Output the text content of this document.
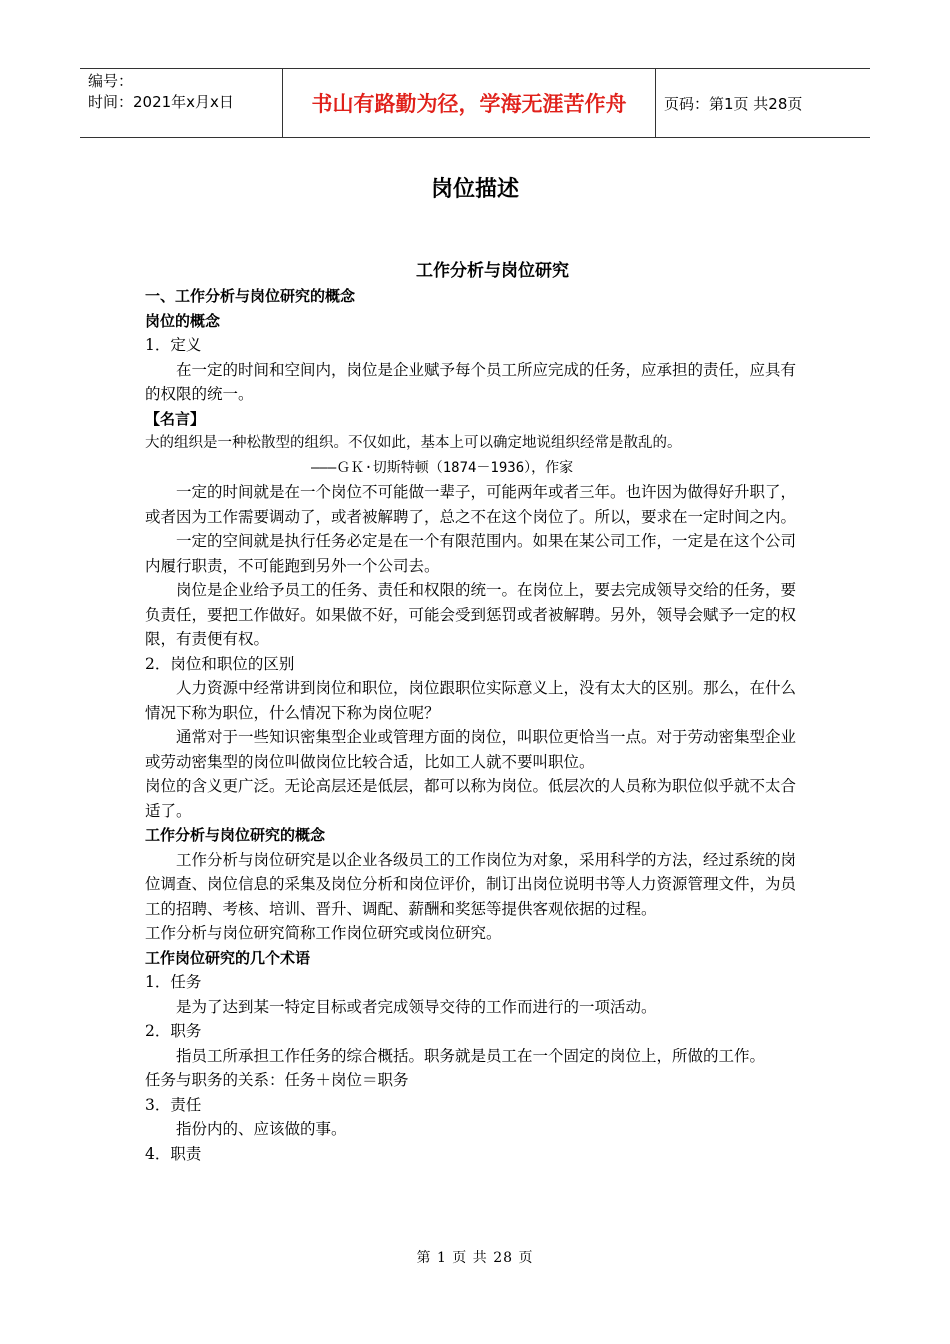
编号：
时间：2021年x月x日	书山有路勤为径，学海无涯苦作舟	页码：第1页 共28页
岗位描述

工作分析与岗位研究

一、工作分析与岗位研究的概念

岗位的概念

1．定义

在一定的时间和空间内，岗位是企业赋予每个员工所应完成的任务，应承担的责任，应具有的权限的统一。

【名言】

大的组织是一种松散型的组织。不仅如此，基本上可以确定地说组织经常是散乱的。

———ＧＫ·切斯特顿（1874－1936），作家

一定的时间就是在一个岗位不可能做一辈子，可能两年或者三年。也许因为做得好升职了，或者因为工作需要调动了，或者被解聘了，总之不在这个岗位了。所以，要求在一定时间之内。

一定的空间就是执行任务必定是在一个有限范围内。如果在某公司工作，一定是在这个公司内履行职责，不可能跑到另外一个公司去。

岗位是企业给予员工的任务、责任和权限的统一。在岗位上，要去完成领导交给的任务，要负责任，要把工作做好。如果做不好，可能会受到惩罚或者被解聘。另外，领导会赋予一定的权限，有责便有权。

2．岗位和职位的区别

人力资源中经常讲到岗位和职位，岗位跟职位实际意义上，没有太大的区别。那么，在什么情况下称为职位，什么情况下称为岗位呢？

通常对于一些知识密集型企业或管理方面的岗位，叫职位更恰当一点。对于劳动密集型企业或劳动密集型的岗位叫做岗位比较合适，比如工人就不要叫职位。

岗位的含义更广泛。无论高层还是低层，都可以称为岗位。低层次的人员称为职位似乎就不太合适了。

工作分析与岗位研究的概念

工作分析与岗位研究是以企业各级员工的工作岗位为对象，采用科学的方法，经过系统的岗位调查、岗位信息的采集及岗位分析和岗位评价，制订出岗位说明书等人力资源管理文件，为员工的招聘、考核、培训、晋升、调配、薪酬和奖惩等提供客观依据的过程。

工作分析与岗位研究简称工作岗位研究或岗位研究。

工作岗位研究的几个术语

1．任务

是为了达到某一特定目标或者完成领导交待的工作而进行的一项活动。

2．职务

指员工所承担工作任务的综合概括。职务就是员工在一个固定的岗位上，所做的工作。

任务与职务的关系：任务＋岗位＝职务

3．责任

指份内的、应该做的事。

4．职责

第 1 页 共 28 页
